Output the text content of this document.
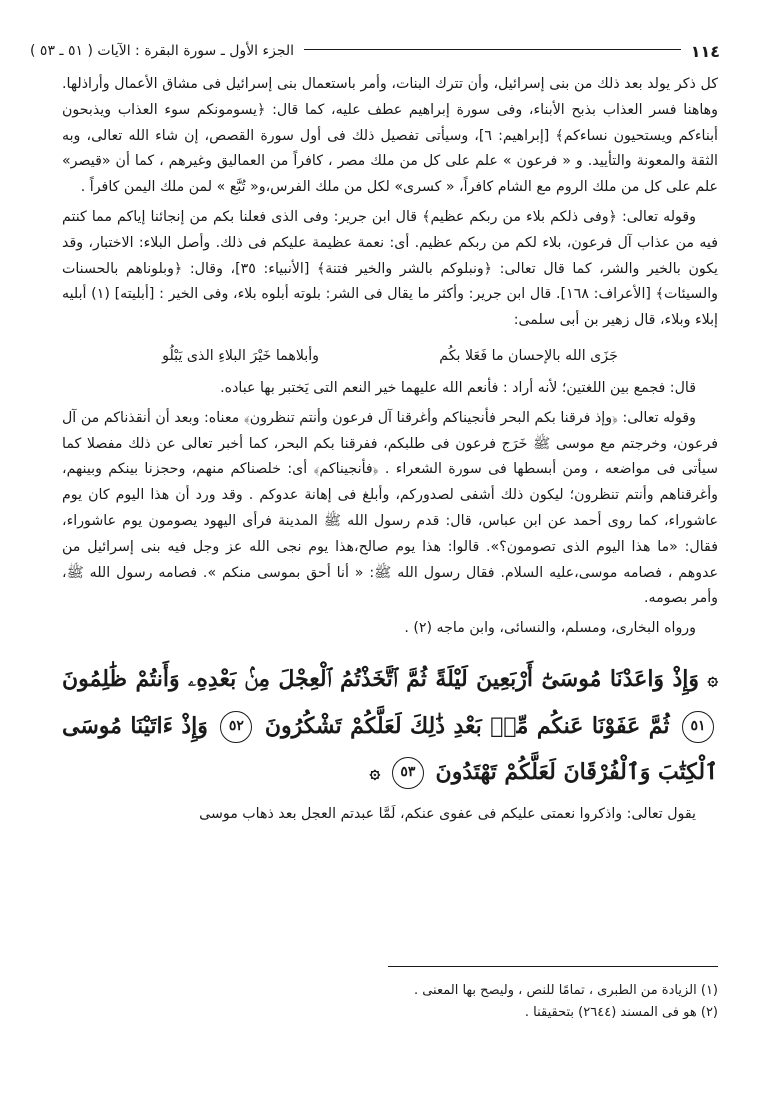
١١٤
الجزء الأول ـ سورة البقرة : الآيات ( ٥١ ـ ٥٣ )

كل ذكر يولد بعد ذلك من بنى إسرائيل، وأن تترك البنات، وأمر باستعمال بنى إسرائيل فى مشاق الأعمال وأراذلها. وهاهنا فسر العذاب بذبح الأبناء، وفى سورة إبراهيم عطف عليه، كما قال: ﴿يسومونكم سوء العذاب ويذبحون أبناءكم ويستحيون نساءكم﴾ [إبراهيم: ٦]، وسيأتى تفصيل ذلك فى أول سورة القصص، إن شاء الله تعالى، وبه الثقة والمعونة والتأييد. و « فرعون » علم على كل من ملك مصر ، كافراً من العماليق وغيرهم ، كما أن «قيصر» علم على كل من ملك الروم مع الشام كافراً، « كسرى» لكل من ملك الفرس،و« تُبَّع » لمن ملك اليمن كافراً .

وقوله تعالى: ﴿وفى ذلكم بلاء من ربكم عظيم﴾ قال ابن جرير: وفى الذى فعلنا بكم من إنجائنا إياكم مما كنتم فيه من عذاب آل فرعون، بلاء لكم من ربكم عظيم. أى: نعمة عظيمة عليكم فى ذلك. وأصل البلاء: الاختبار، وقد يكون بالخير والشر، كما قال تعالى: ﴿ونبلوكم بالشر والخير فتنة﴾ [الأنبياء: ٣٥]، وقال: ﴿وبلوناهم بالحسنات والسيئات﴾ [الأعراف: ١٦٨]. قال ابن جرير: وأكثر ما يقال فى الشر: بلوته أبلوه بلاء، وفى الخير : [أبليته] (١) أبليه إبلاء وبلاء، قال زهير بن أبى سلمى:

جَزَى الله بالإحسان ما فَعَلا بكُم
وأبلاهما خَيْرَ البلاءِ الذى يَبْلُو

قال: فجمع بين اللغتين؛ لأنه أراد : فأنعم الله عليهما خير النعم التى يَختبر بها عباده.

وقوله تعالى: ﴿وإذ فرقنا بكم البحر فأنجيناكم وأغرقنا آل فرعون وأنتم تنظرون﴾ معناه: وبعد أن أنقذناكم من آل فرعون، وخرجتم مع موسى ﷺ خَرَج فرعون فى طلبكم، ففرقنا بكم البحر، كما أخبر تعالى عن ذلك مفصلا كما سيأتى فى مواضعه ، ومن أبسطها فى سورة الشعراء . ﴿فأنجيناكم﴾ أى: خلصناكم منهم، وحجزنا بينكم وبينهم، وأغرقناهم وأنتم تنظرون؛ ليكون ذلك أشفى لصدوركم، وأبلغ فى إهانة عدوكم . وقد ورد أن هذا اليوم كان يوم عاشوراء، كما روى أحمد عن ابن عباس، قال: قدم رسول الله ﷺ المدينة فرأى اليهود يصومون يوم عاشوراء، فقال: «ما هذا اليوم الذى تصومون؟». قالوا: هذا يوم صالح،هذا يوم نجى الله عز وجل فيه بنى إسرائيل من عدوهم ، فصامه موسى،عليه السلام. فقال رسول الله ﷺ: « أنا أحق بموسى منكم ». فصامه رسول الله ﷺ، وأمر بصومه.

ورواه البخارى، ومسلم، والنسائى، وابن ماجه (٢) .

۞ وَإِذْ وَاعَدْنَا مُوسَىٰٓ أَرْبَعِينَ لَيْلَةً ثُمَّ ٱتَّخَذْتُمُ ٱلْعِجْلَ مِنۢ بَعْدِهِۦ وَأَنتُمْ ظَٰلِمُونَ ٥١ ثُمَّ عَفَوْنَا عَنكُم مِّنۢ بَعْدِ ذَٰلِكَ لَعَلَّكُمْ تَشْكُرُونَ ٥٢ وَإِذْ ءَاتَيْنَا مُوسَى ٱلْكِتَٰبَ وَٱلْفُرْقَانَ لَعَلَّكُمْ تَهْتَدُونَ ٥٣ ۞

يقول تعالى: واذكروا نعمتى عليكم فى عفوى عنكم، لَمَّا عبدتم العجل بعد ذهاب موسى

(١) الزيادة من الطبرى ، تمامًا للنص ، وليصح بها المعنى .
(٢) هو فى المسند (٢٦٤٤) بتحقيقنا .
